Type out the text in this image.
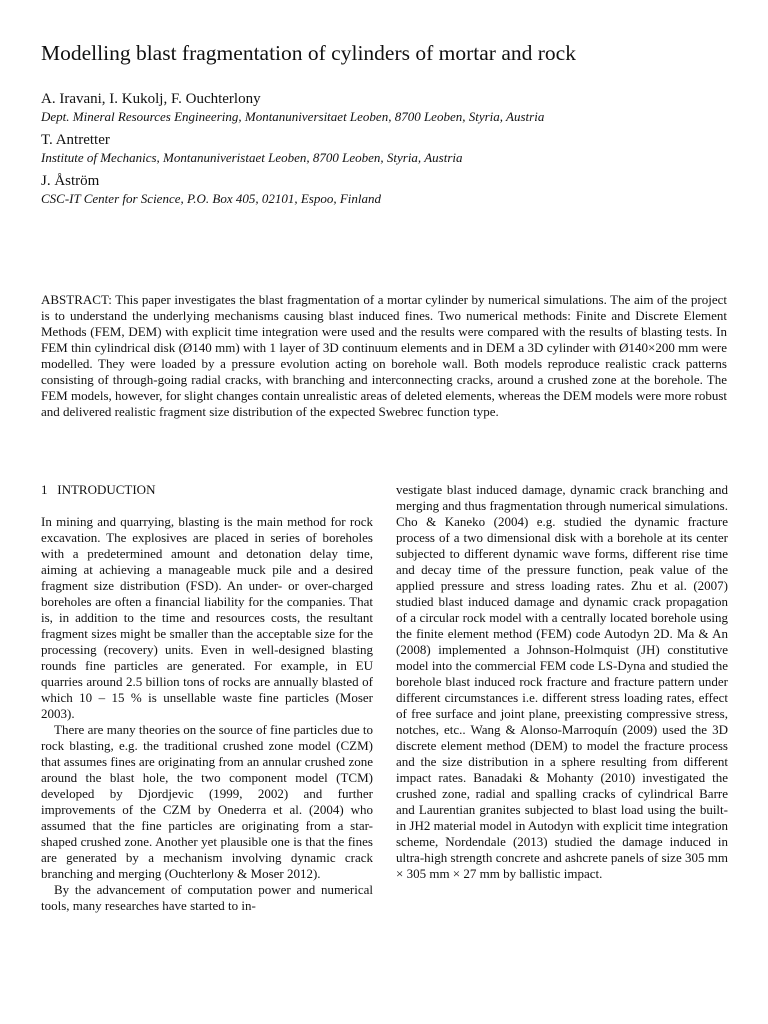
Modelling blast fragmentation of cylinders of mortar and rock

A. Iravani, I. Kukolj, F. Ouchterlony

Dept. Mineral Resources Engineering, Montanuniversitaet Leoben, 8700 Leoben, Styria, Austria

T. Antretter

Institute of Mechanics, Montanuniveristaet Leoben, 8700 Leoben, Styria, Austria

J. Åström

CSC-IT Center for Science, P.O. Box 405, 02101, Espoo, Finland

ABSTRACT: This paper investigates the blast fragmentation of a mortar cylinder by numerical simulations. The aim of the project is to understand the underlying mechanisms causing blast induced fines. Two numerical methods: Finite and Discrete Element Methods (FEM, DEM) with explicit time integration were used and the results were compared with the results of blasting tests. In FEM thin cylindrical disk (Ø140 mm) with 1 layer of 3D continuum elements and in DEM a 3D cylinder with Ø140×200 mm were modelled. They were loaded by a pressure evolution acting on borehole wall. Both models reproduce realistic crack patterns consisting of through-going radial cracks, with branching and interconnecting cracks, around a crushed zone at the borehole. The FEM models, however, for slight changes contain unrealistic areas of deleted elements, whereas the DEM models were more robust and delivered realistic fragment size distribution of the expected Swebrec function type.

1 INTRODUCTION

In mining and quarrying, blasting is the main method for rock excavation. The explosives are placed in series of boreholes with a predetermined amount and detonation delay time, aiming at achieving a manageable muck pile and a desired fragment size distribution (FSD). An under- or over-charged boreholes are often a financial liability for the companies. That is, in addition to the time and resources costs, the resultant fragment sizes might be smaller than the acceptable size for the processing (recovery) units. Even in well-designed blasting rounds fine particles are generated. For example, in EU quarries around 2.5 billion tons of rocks are annually blasted of which 10 – 15 % is unsellable waste fine particles (Moser 2003).

There are many theories on the source of fine particles due to rock blasting, e.g. the traditional crushed zone model (CZM) that assumes fines are originating from an annular crushed zone around the blast hole, the two component model (TCM) developed by Djordjevic (1999, 2002) and further improvements of the CZM by Onederra et al. (2004) who assumed that the fine particles are originating from a star-shaped crushed zone. Another yet plausible one is that the fines are generated by a mechanism involving dynamic crack branching and merging (Ouchterlony & Moser 2012).

By the advancement of computation power and numerical tools, many researches have started to in-

vestigate blast induced damage, dynamic crack branching and merging and thus fragmentation through numerical simulations. Cho & Kaneko (2004) e.g. studied the dynamic fracture process of a two dimensional disk with a borehole at its center subjected to different dynamic wave forms, different rise time and decay time of the pressure function, peak value of the applied pressure and stress loading rates. Zhu et al. (2007) studied blast induced damage and dynamic crack propagation of a circular rock model with a centrally located borehole using the finite element method (FEM) code Autodyn 2D. Ma & An (2008) implemented a Johnson-Holmquist (JH) constitutive model into the commercial FEM code LS-Dyna and studied the borehole blast induced rock fracture and fracture pattern under different circumstances i.e. different stress loading rates, effect of free surface and joint plane, preexisting compressive stress, notches, etc.. Wang & Alonso-Marroquín (2009) used the 3D discrete element method (DEM) to model the fracture process and the size distribution in a sphere resulting from different impact rates. Banadaki & Mohanty (2010) investigated the crushed zone, radial and spalling cracks of cylindrical Barre and Laurentian granites subjected to blast load using the built-in JH2 material model in Autodyn with explicit time integration scheme, Nordendale (2013) studied the damage induced in ultra-high strength concrete and ashcrete panels of size 305 mm × 305 mm × 27 mm by ballistic impact.
